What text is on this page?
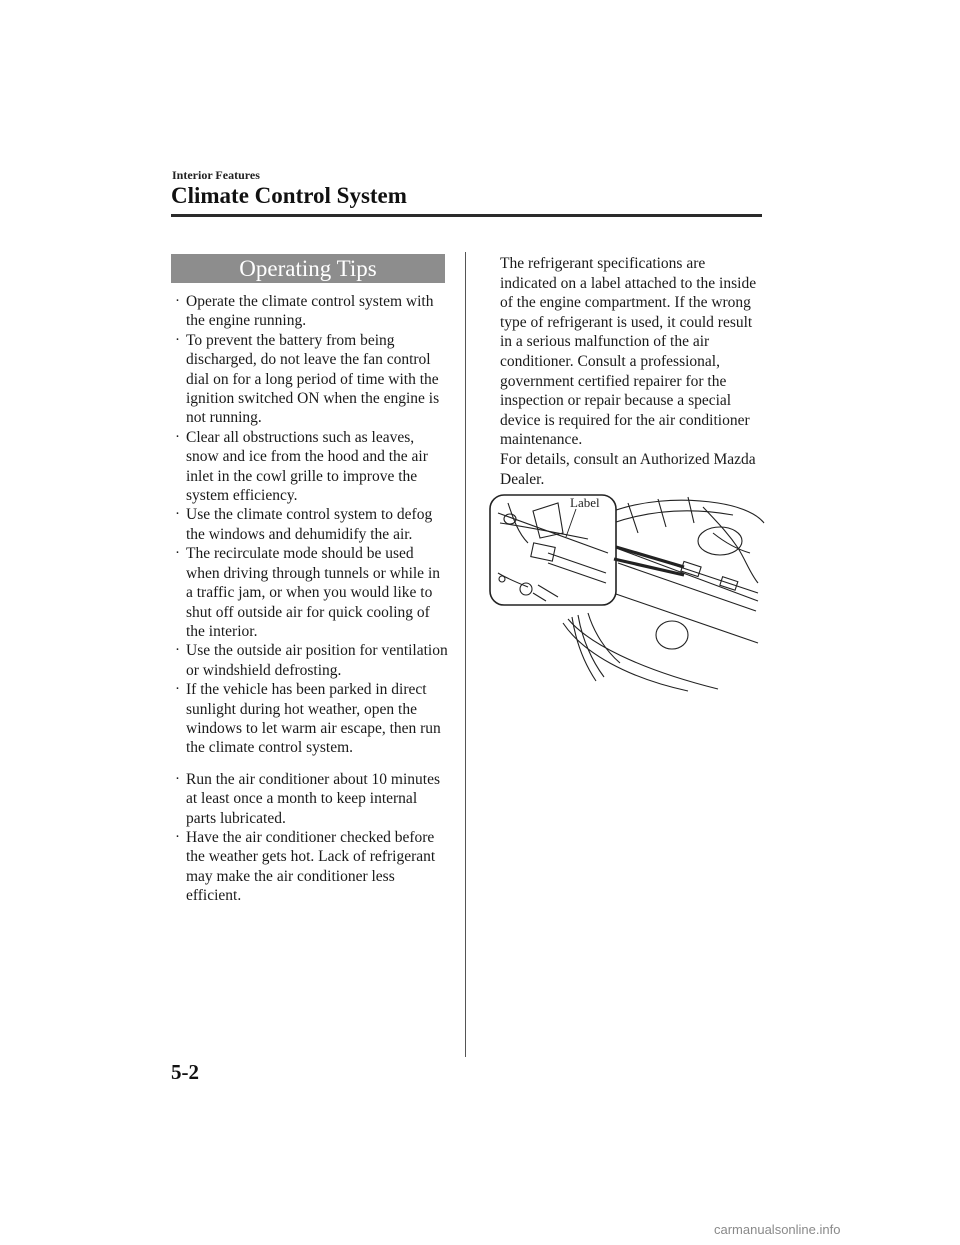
Interior Features
Climate Control System
Operating Tips
· Operate the climate control system with the engine running.
· To prevent the battery from being discharged, do not leave the fan control dial on for a long period of time with the ignition switched ON when the engine is not running.
· Clear all obstructions such as leaves, snow and ice from the hood and the air inlet in the cowl grille to improve the system efficiency.
· Use the climate control system to defog the windows and dehumidify the air.
· The recirculate mode should be used when driving through tunnels or while in a traffic jam, or when you would like to shut off outside air for quick cooling of the interior.
· Use the outside air position for ventilation or windshield defrosting.
· If the vehicle has been parked in direct sunlight during hot weather, open the windows to let warm air escape, then run the climate control system.
· Run the air conditioner about 10 minutes at least once a month to keep internal parts lubricated.
· Have the air conditioner checked before the weather gets hot. Lack of refrigerant may make the air conditioner less efficient.

The refrigerant specifications are indicated on a label attached to the inside of the engine compartment. If the wrong type of refrigerant is used, it could result in a serious malfunction of the air conditioner. Consult a professional, government certified repairer for the inspection or repair because a special device is required for the air conditioner maintenance.

For details, consult an Authorized Mazda Dealer.

Label
5-2
carmanualsonline.info
